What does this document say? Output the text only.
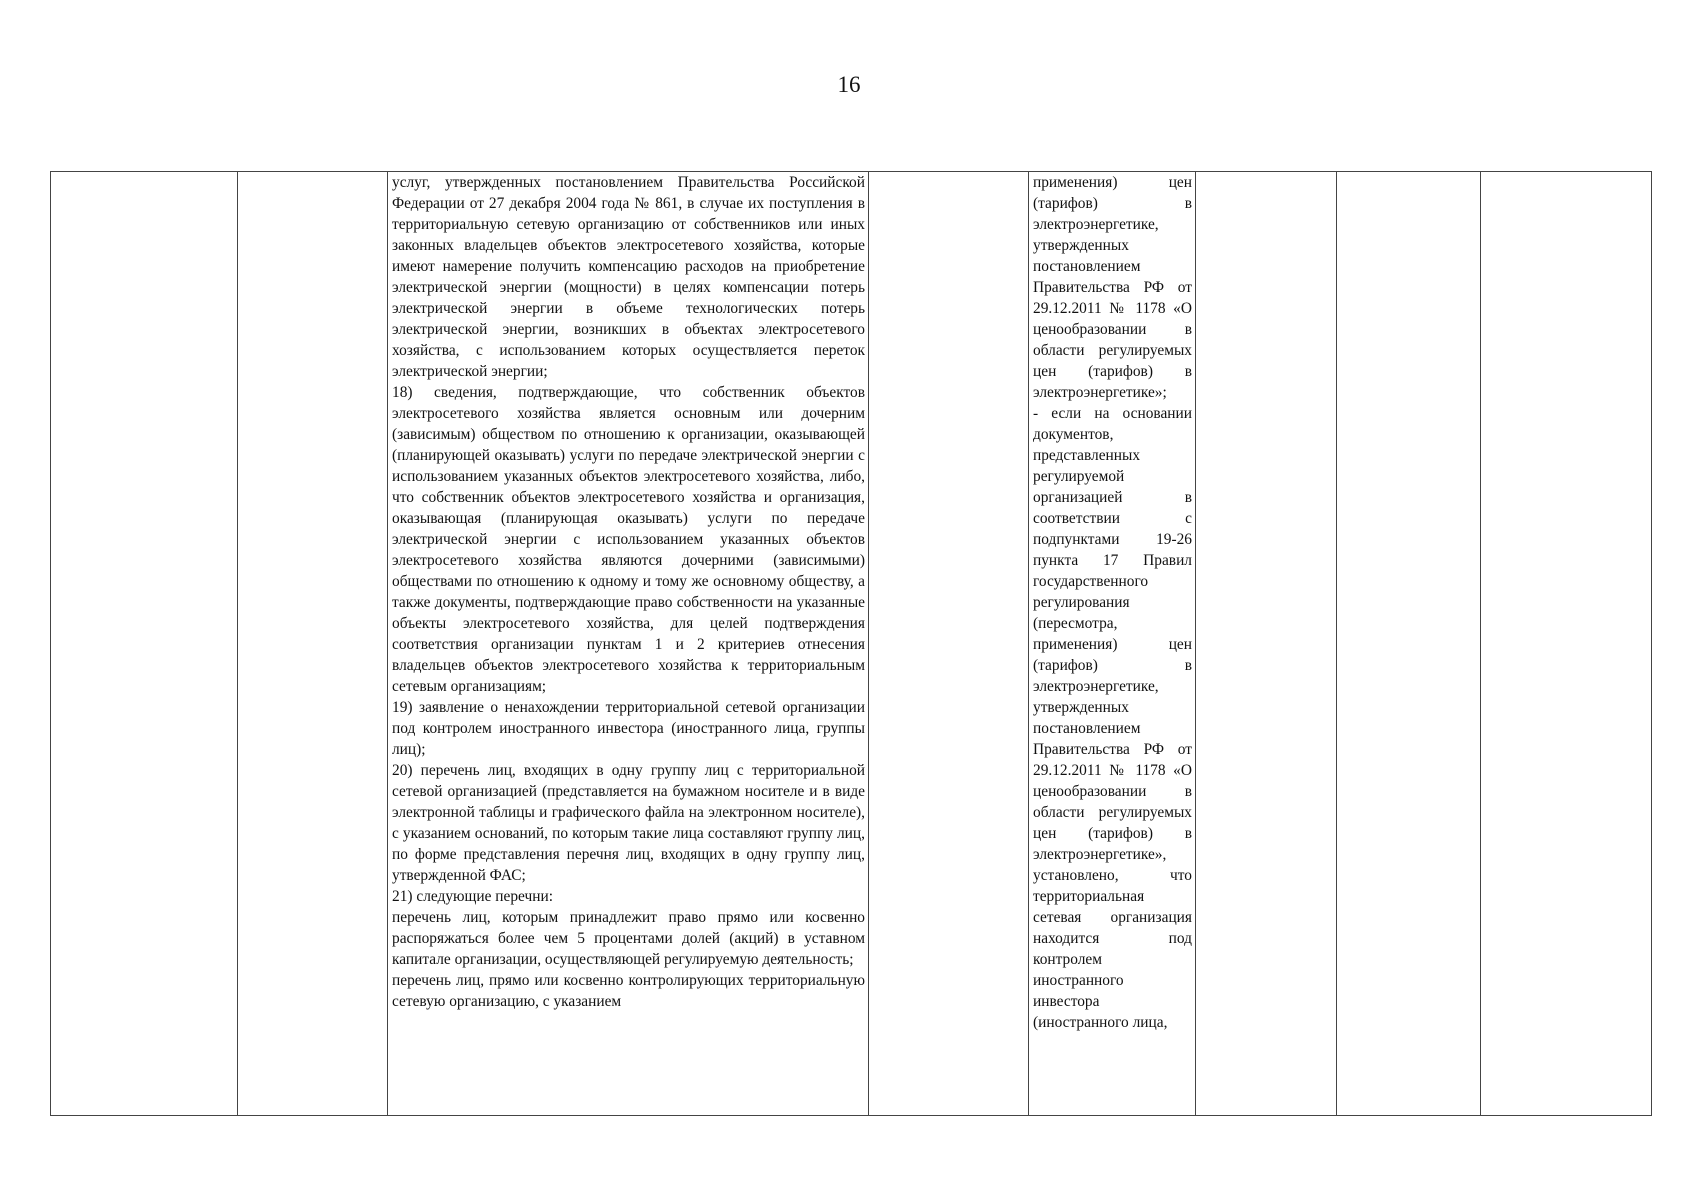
16

услуг, утвержденных постановлением Правительства Российской Федерации от 27 декабря 2004 года № 861, в случае их поступления в территориальную сетевую организацию от собственников или иных законных владельцев объектов электросетевого хозяйства, которые имеют намерение получить компенсацию расходов на приобретение электрической энергии (мощности) в целях компенсации потерь электрической энергии в объеме технологических потерь электрической энергии, возникших в объектах электросетевого хозяйства, с использованием которых осуществляется переток электрической энергии;

18) сведения, подтверждающие, что собственник объектов электросетевого хозяйства является основным или дочерним (зависимым) обществом по отношению к организации, оказывающей (планирующей оказывать) услуги по передаче электрической энергии с использованием указанных объектов электросетевого хозяйства, либо, что собственник объектов электросетевого хозяйства и организация, оказывающая (планирующая оказывать) услуги по передаче электрической энергии с использованием указанных объектов электросетевого хозяйства являются дочерними (зависимыми) обществами по отношению к одному и тому же основному обществу, а также документы, подтверждающие право собственности на указанные объекты электросетевого хозяйства, для целей подтверждения соответствия организации пунктам 1 и 2 критериев отнесения владельцев объектов электросетевого хозяйства к территориальным сетевым организациям;

19) заявление о ненахождении территориальной сетевой организации под контролем иностранного инвестора (иностранного лица, группы лиц);

20) перечень лиц, входящих в одну группу лиц с территориальной сетевой организацией (представляется на бумажном носителе и в виде электронной таблицы и графического файла на электронном носителе), с указанием оснований, по которым такие лица составляют группу лиц, по форме представления перечня лиц, входящих в одну группу лиц, утвержденной ФАС;

21) следующие перечни:

перечень лиц, которым принадлежит право прямо или косвенно распоряжаться более чем 5 процентами долей (акций) в уставном капитале организации, осуществляющей регулируемую деятельность;

перечень лиц, прямо или косвенно контролирующих территориальную сетевую организацию, с указанием

применения) цен (тарифов) в электроэнергетике, утвержденных постановлением Правительства РФ от 29.12.2011 № 1178 «О ценообразовании в области регулируемых цен (тарифов) в электроэнергетике»;

- если на основании документов, представленных регулируемой организацией в соответствии с подпунктами 19-26 пункта 17 Правил государственного регулирования (пересмотра, применения) цен (тарифов) в электроэнергетике, утвержденных постановлением Правительства РФ от 29.12.2011 № 1178 «О ценообразовании в области регулируемых цен (тарифов) в электроэнергетике», установлено, что территориальная сетевая организация находится под контролем иностранного инвестора (иностранного лица,
